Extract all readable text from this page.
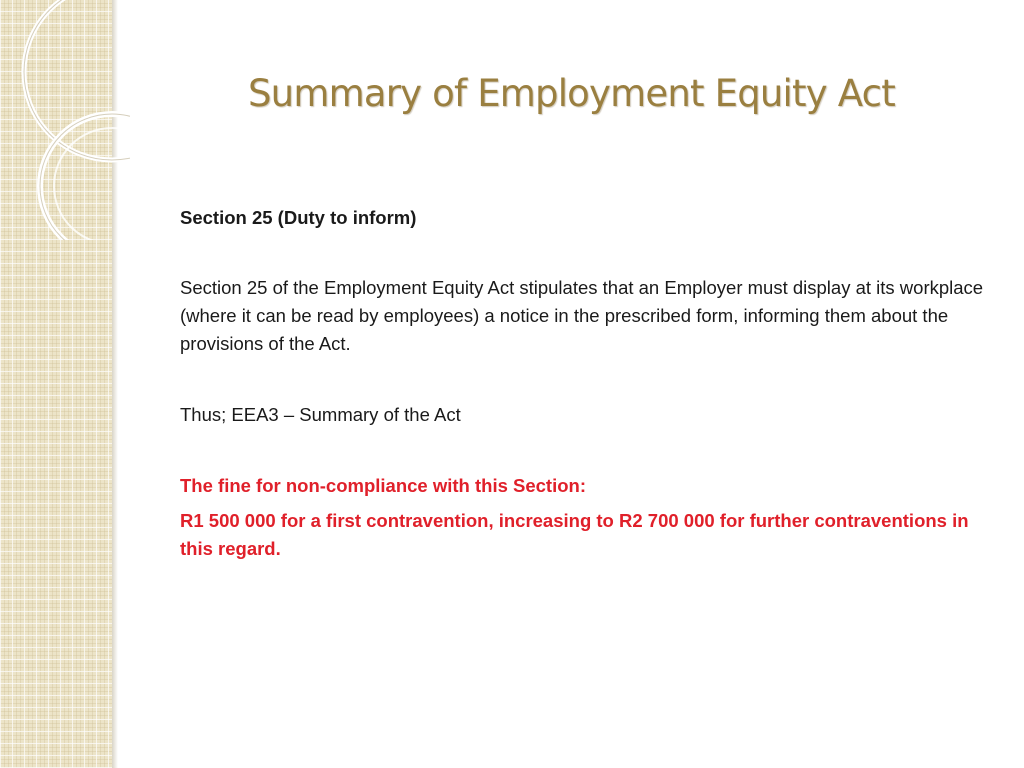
Summary of Employment Equity Act

Section 25 (Duty to inform)

Section 25 of the Employment Equity Act stipulates that an Employer must display at its workplace (where it can be read by employees) a notice in the prescribed form, informing them about the provisions of the Act.

Thus; EEA3 – Summary of the Act

The fine for non-compliance with this Section:

R1 500 000 for a first contravention, increasing to R2 700 000 for further contraventions in this regard.
